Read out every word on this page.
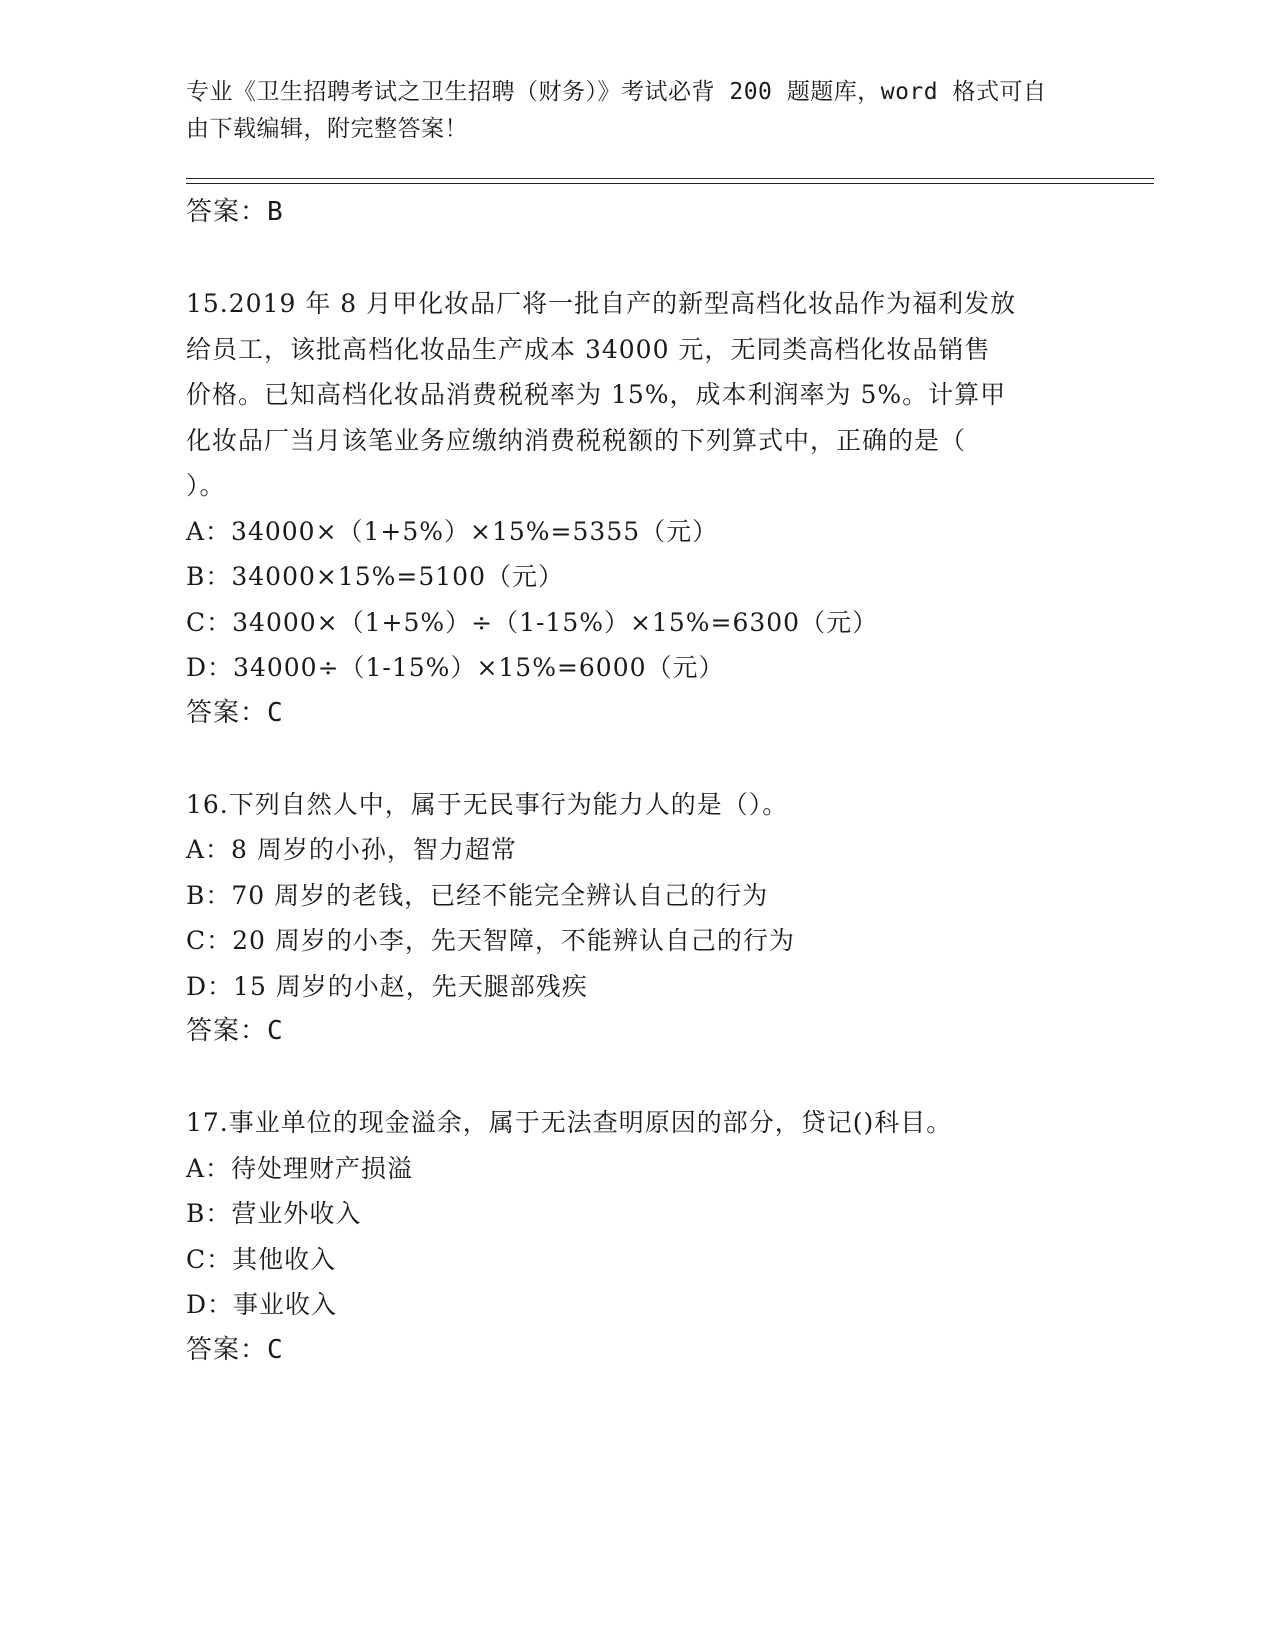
专业《卫生招聘考试之卫生招聘（财务）》考试必背 200 题题库，word 格式可自
由下载编辑，附完整答案！
答案：B
15.2019 年 8 月甲化妆品厂将一批自产的新型高档化妆品作为福利发放
给员工，该批高档化妆品生产成本 34000 元，无同类高档化妆品销售
价格。已知高档化妆品消费税税率为 15%，成本利润率为 5%。计算甲
化妆品厂当月该笔业务应缴纳消费税税额的下列算式中，正确的是（
）。
A：34000×（1+5%）×15%=5355（元）
B：34000×15%=5100（元）
C：34000×（1+5%）÷（1-15%）×15%=6300（元）
D：34000÷（1-15%）×15%=6000（元）
答案：C
16.下列自然人中，属于无民事行为能力人的是（）。
A：8 周岁的小孙，智力超常
B：70 周岁的老钱，已经不能完全辨认自己的行为
C：20 周岁的小李，先天智障，不能辨认自己的行为
D：15 周岁的小赵，先天腿部残疾
答案：C
17.事业单位的现金溢余，属于无法查明原因的部分，贷记()科目。
A：待处理财产损溢
B：营业外收入
C：其他收入
D：事业收入
答案：C
